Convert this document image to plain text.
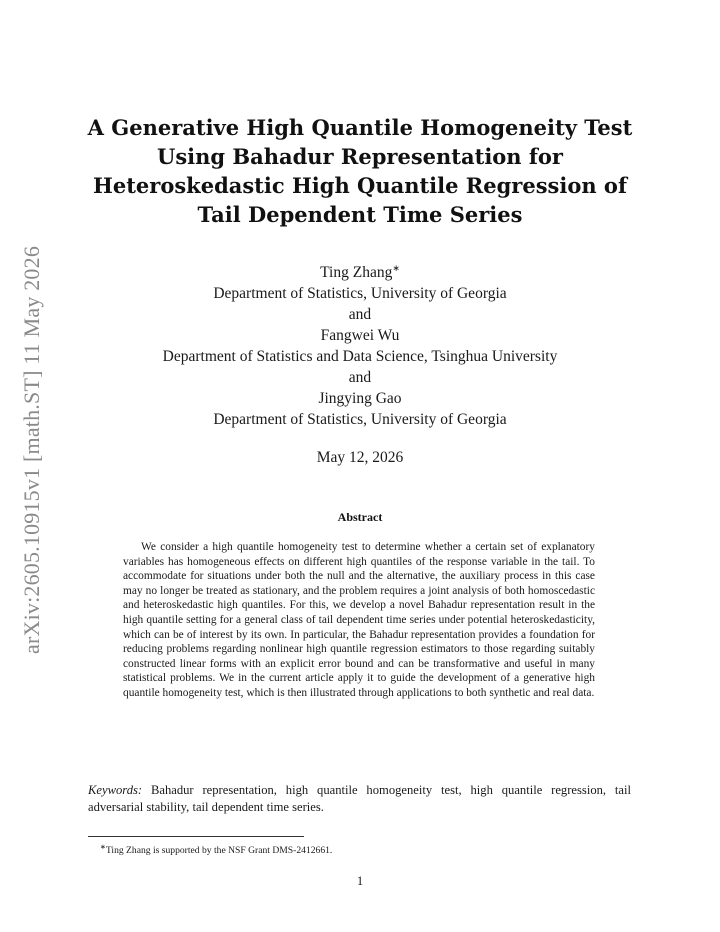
arXiv:2605.10915v1 [math.ST] 11 May 2026
A Generative High Quantile Homogeneity Test Using Bahadur Representation for Heteroskedastic High Quantile Regression of Tail Dependent Time Series
Ting Zhang∗
Department of Statistics, University of Georgia
and
Fangwei Wu
Department of Statistics and Data Science, Tsinghua University
and
Jingying Gao
Department of Statistics, University of Georgia
May 12, 2026
Abstract

We consider a high quantile homogeneity test to determine whether a certain set of explanatory variables has homogeneous effects on different high quantiles of the response variable in the tail. To accommodate for situations under both the null and the alternative, the auxiliary process in this case may no longer be treated as stationary, and the problem requires a joint analysis of both homoscedastic and heteroskedastic high quantiles. For this, we develop a novel Bahadur representation result in the high quantile setting for a general class of tail dependent time series under potential heteroskedasticity, which can be of interest by its own. In particular, the Bahadur representation provides a foundation for reducing problems regarding nonlinear high quantile regression estimators to those regarding suitably constructed linear forms with an explicit error bound and can be transformative and useful in many statistical problems. We in the current article apply it to guide the development of a generative high quantile homogeneity test, which is then illustrated through applications to both synthetic and real data.

Keywords: Bahadur representation, high quantile homogeneity test, high quantile regression, tail adversarial stability, tail dependent time series.

∗Ting Zhang is supported by the NSF Grant DMS-2412661.
1
